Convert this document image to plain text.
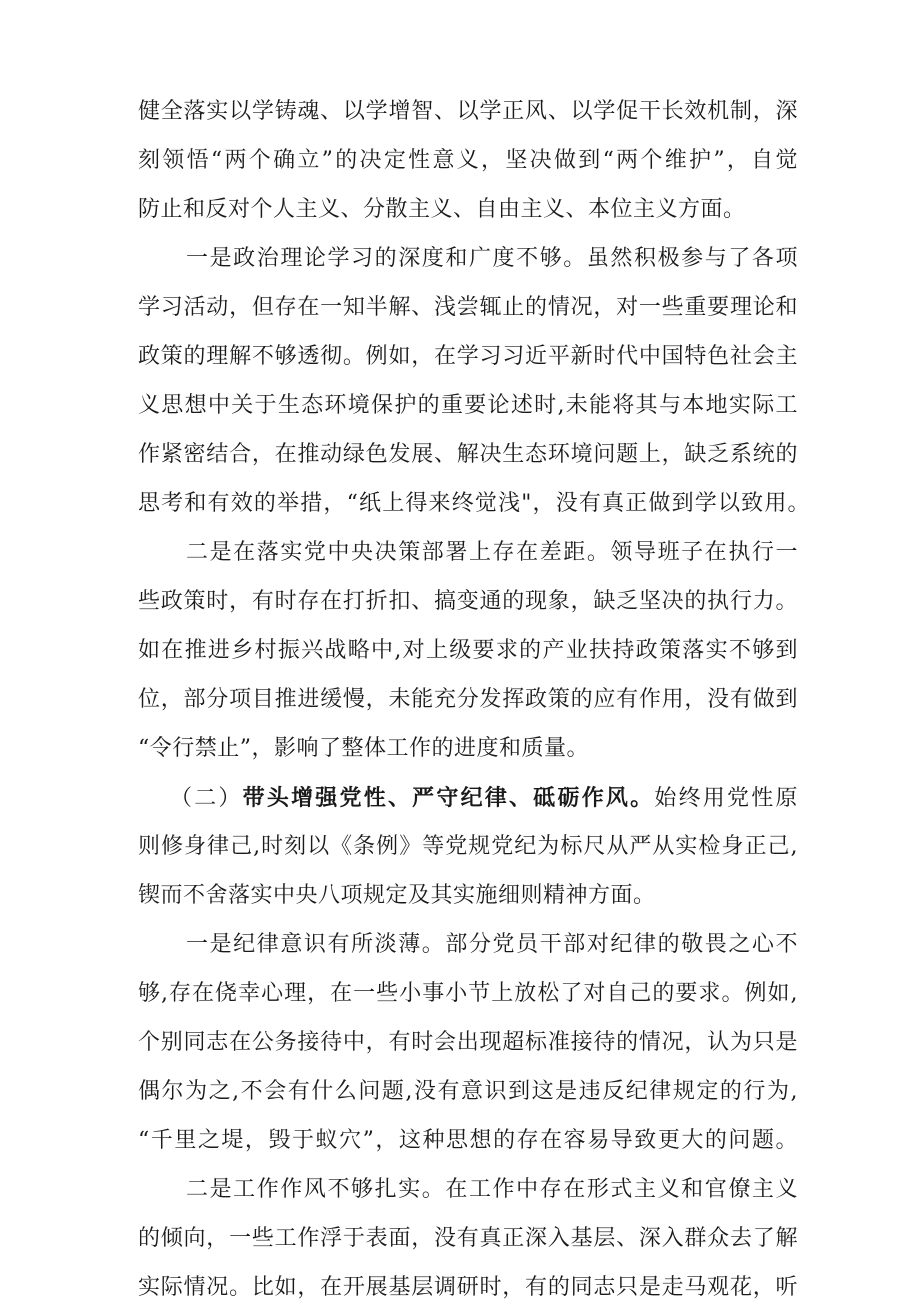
健全落实以学铸魂、以学增智、以学正风、以学促干长效机制，深
刻领悟“两个确立”的决定性意义，坚决做到“两个维护”，自觉
防止和反对个人主义、分散主义、自由主义、本位主义方面。
一是政治理论学习的深度和广度不够。虽然积极参与了各项
学习活动，但存在一知半解、浅尝辄止的情况，对一些重要理论和
政策的理解不够透彻。例如，在学习习近平新时代中国特色社会主
义思想中关于生态环境保护的重要论述时,未能将其与本地实际工
作紧密结合，在推动绿色发展、解决生态环境问题上，缺乏系统的
思考和有效的举措，“纸上得来终觉浅"，没有真正做到学以致用。
二是在落实党中央决策部署上存在差距。领导班子在执行一
些政策时，有时存在打折扣、搞变通的现象，缺乏坚决的执行力。
如在推进乡村振兴战略中,对上级要求的产业扶持政策落实不够到
位，部分项目推进缓慢，未能充分发挥政策的应有作用，没有做到
“令行禁止”，影响了整体工作的进度和质量。
（二）带头增强党性、严守纪律、砥砺作风。始终用党性原
则修身律己,时刻以《条例》等党规党纪为标尺从严从实检身正己,
锲而不舍落实中央八项规定及其实施细则精神方面。
一是纪律意识有所淡薄。部分党员干部对纪律的敬畏之心不
够,存在侥幸心理，在一些小事小节上放松了对自己的要求。例如,
个别同志在公务接待中，有时会出现超标准接待的情况，认为只是
偶尔为之,不会有什么问题,没有意识到这是违反纪律规定的行为,
“千里之堤，毁于蚁穴”，这种思想的存在容易导致更大的问题。
二是工作作风不够扎实。在工作中存在形式主义和官僚主义
的倾向，一些工作浮于表面，没有真正深入基层、深入群众去了解
实际情况。比如，在开展基层调研时，有的同志只是走马观花，听
